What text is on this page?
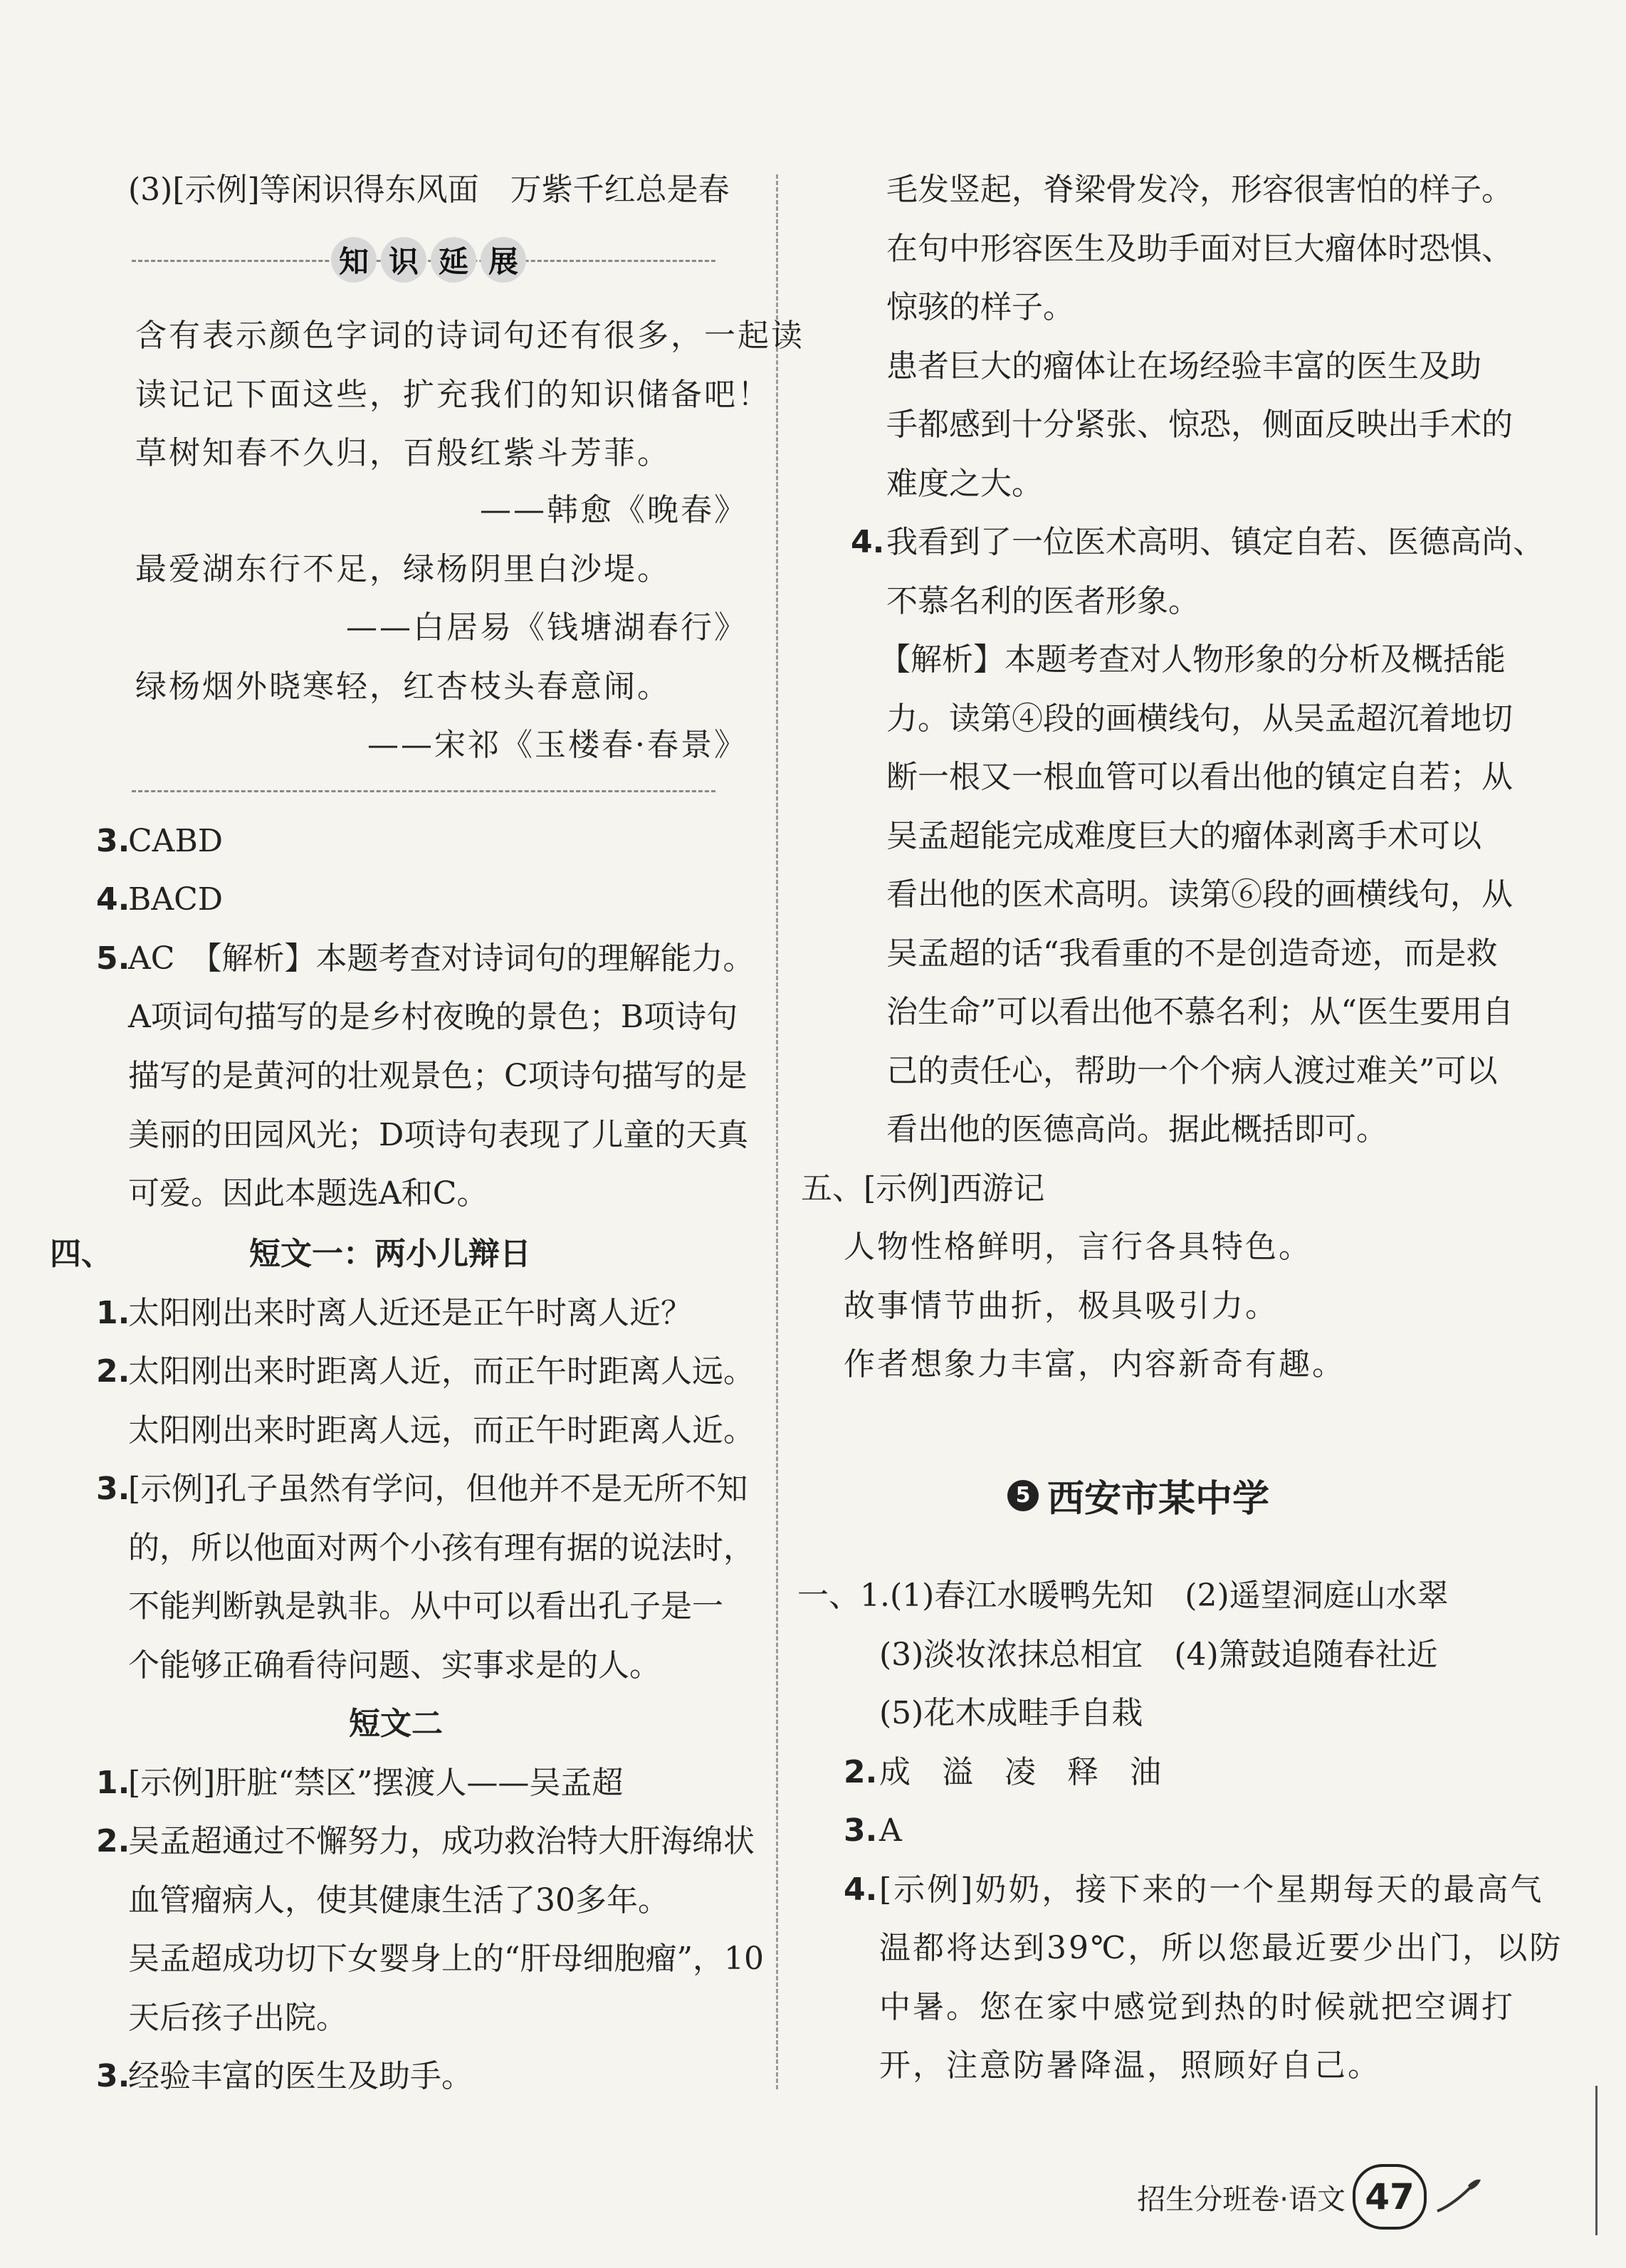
(3)[示例]等闲识得东风面　万紫千红总是春
知 识 延 展
含有表示颜色字词的诗词句还有很多，一起读
读记记下面这些，扩充我们的知识储备吧！
草树知春不久归，百般红紫斗芳菲。
——韩愈《晚春》
最爱湖东行不足，绿杨阴里白沙堤。
——白居易《钱塘湖春行》
绿杨烟外晓寒轻，红杏枝头春意闹。
——宋祁《玉楼春·春景》
3.
CABD
4.
BACD
5.
AC　【解析】本题考查对诗词句的理解能力。
A项词句描写的是乡村夜晚的景色；B项诗句
描写的是黄河的壮观景色；C项诗句描写的是
美丽的田园风光；D项诗句表现了儿童的天真
可爱。因此本题选A和C。
四、	短文一：两小儿辩日
1.
太阳刚出来时离人近还是正午时离人近？
2.
太阳刚出来时距离人近，而正午时距离人远。
太阳刚出来时距离人远，而正午时距离人近。
3.
[示例]孔子虽然有学问，但他并不是无所不知
的，所以他面对两个小孩有理有据的说法时，
不能判断孰是孰非。从中可以看出孔子是一
个能够正确看待问题、实事求是的人。
短文二
1.
[示例]肝脏“禁区”摆渡人——吴孟超
2.
吴孟超通过不懈努力，成功救治特大肝海绵状
血管瘤病人，使其健康生活了30多年。
吴孟超成功切下女婴身上的“肝母细胞瘤”，10
天后孩子出院。
3.
经验丰富的医生及助手。
毛发竖起，脊梁骨发冷，形容很害怕的样子。
在句中形容医生及助手面对巨大瘤体时恐惧、
惊骇的样子。
患者巨大的瘤体让在场经验丰富的医生及助
手都感到十分紧张、惊恐，侧面反映出手术的
难度之大。
4. 我看到了一位医术高明、镇定自若、医德高尚、
不慕名利的医者形象。
【解析】本题考查对人物形象的分析及概括能
力。读第④段的画横线句，从吴孟超沉着地切
断一根又一根血管可以看出他的镇定自若；从
吴孟超能完成难度巨大的瘤体剥离手术可以
看出他的医术高明。读第⑥段的画横线句，从
吴孟超的话“我看重的不是创造奇迹，而是救
治生命”可以看出他不慕名利；从“医生要用自
己的责任心，帮助一个个病人渡过难关”可以
看出他的医德高尚。据此概括即可。
五、[示例]西游记
人物性格鲜明，言行各具特色。
故事情节曲折，极具吸引力。
作者想象力丰富，内容新奇有趣。
5 西安市某中学
一、1.(1)春江水暖鸭先知　(2)遥望洞庭山水翠
(3)淡妆浓抹总相宜　(4)箫鼓追随春社近
(5)花木成畦手自栽
2. 成　溢　凌　释　油
3. A
4. [示例]奶奶，接下来的一个星期每天的最高气
温都将达到39℃，所以您最近要少出门，以防
中暑。您在家中感觉到热的时候就把空调打
开，注意防暑降温，照顾好自己。
招生分班卷·语文 47
